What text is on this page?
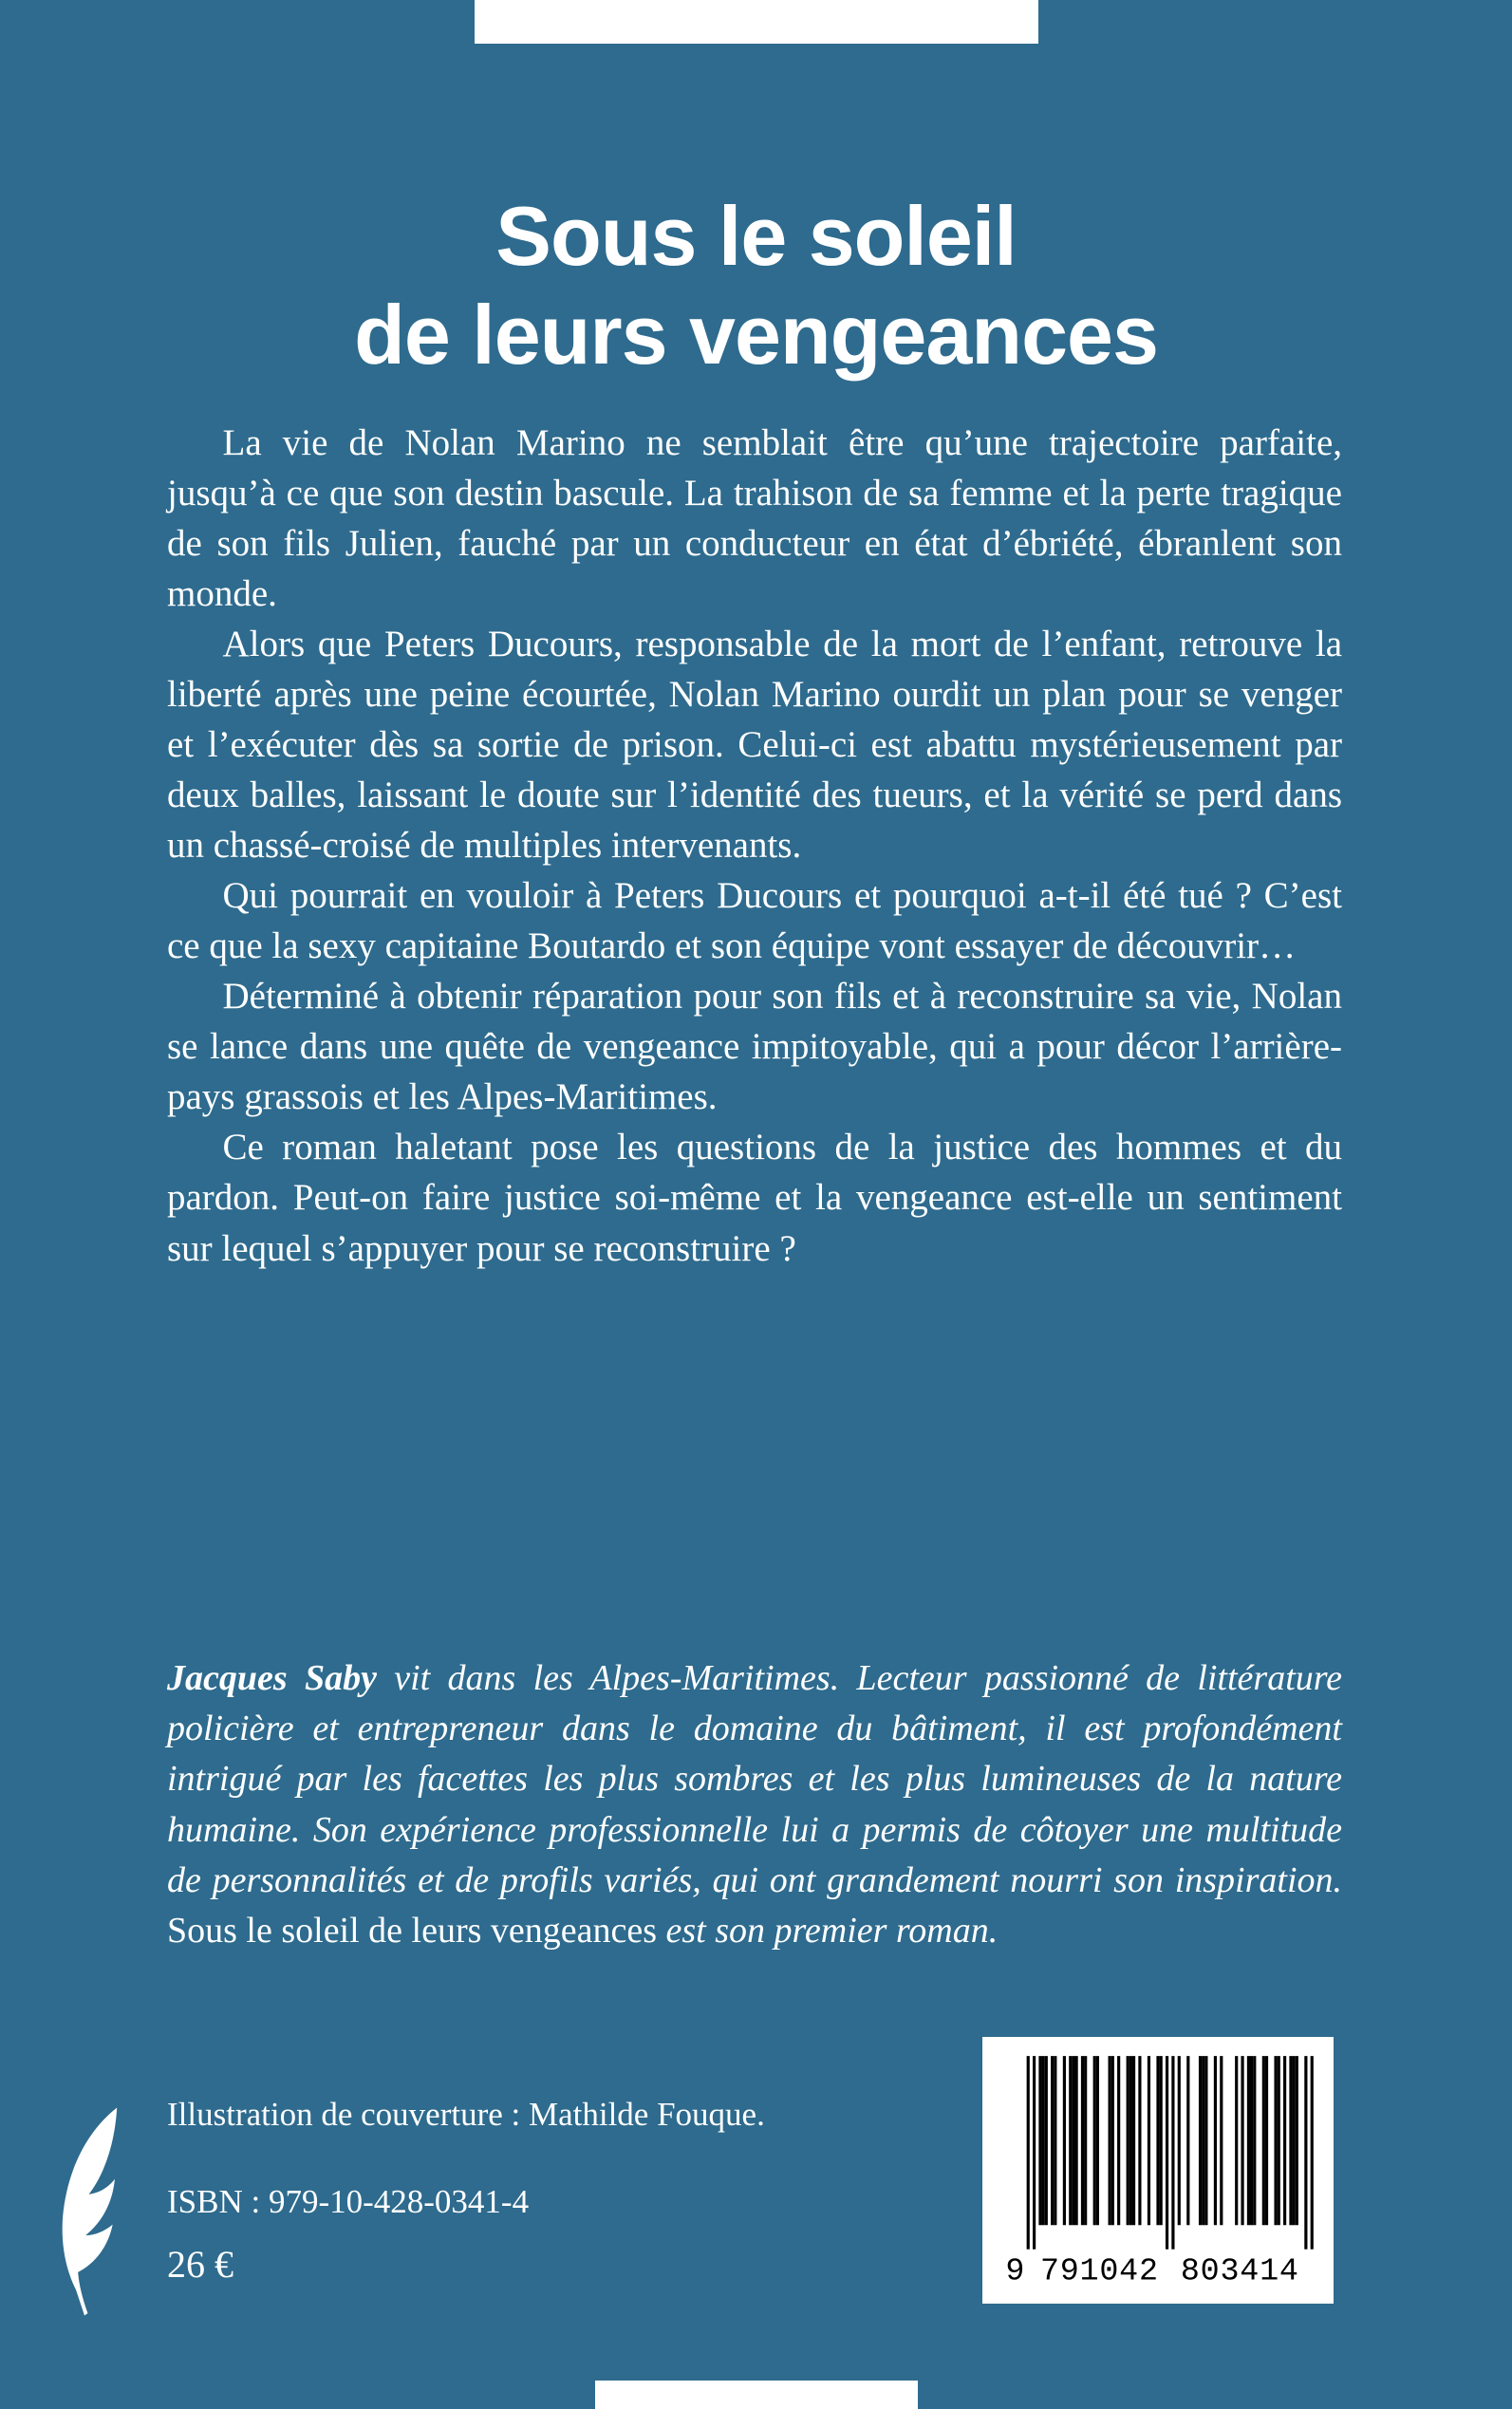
Sous le soleil
de leurs vengeances

La vie de Nolan Marino ne semblait être qu’une trajectoire parfaite, jusqu’à ce que son destin bascule. La trahison de sa femme et la perte tragique de son fils Julien, fauché par un conducteur en état d’ébriété, ébranlent son monde.

Alors que Peters Ducours, responsable de la mort de l’enfant, retrouve la liberté après une peine écourtée, Nolan Marino ourdit un plan pour se venger et l’exécuter dès sa sortie de prison. Celui-ci est abattu mystérieusement par deux balles, laissant le doute sur l’identité des tueurs, et la vérité se perd dans un chassé-croisé de multiples intervenants.

Qui pourrait en vouloir à Peters Ducours et pourquoi a-t-il été tué ? C’est ce que la sexy capitaine Boutardo et son équipe vont essayer de découvrir…

Déterminé à obtenir réparation pour son fils et à reconstruire sa vie, Nolan se lance dans une quête de vengeance impitoyable, qui a pour décor l’arrière-pays grassois et les Alpes-Maritimes.

Ce roman haletant pose les questions de la justice des hommes et du pardon. Peut-on faire justice soi-même et la vengeance est-elle un sentiment sur lequel s’appuyer pour se reconstruire ?

Jacques Saby vit dans les Alpes-Maritimes. Lecteur passionné de littérature policière et entrepreneur dans le domaine du bâtiment, il est profondément intrigué par les facettes les plus sombres et les plus lumineuses de la nature humaine. Son expérience professionnelle lui a permis de côtoyer une multitude de personnalités et de profils variés, qui ont grandement nourri son inspiration. Sous le soleil de leurs vengeances est son premier roman.

Illustration de couverture : Mathilde Fouque.

ISBN : 979-10-428-0341-4

26 €	9 791042 803414
